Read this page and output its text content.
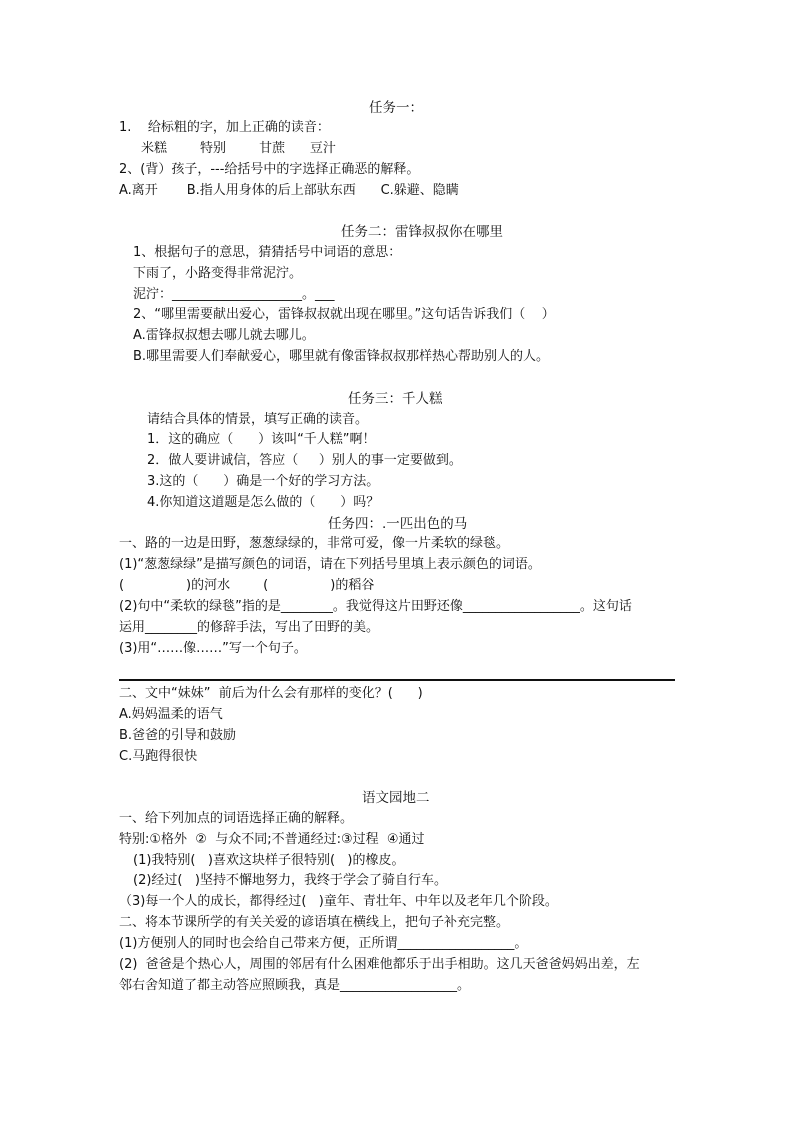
任务一：
1.    给标粗的字，加上正确的读音：
米糕        特别        甘蔗      豆汁
2、(背）孩子，---给括号中的字选择正确恶的解释。
A.离开       B.指人用身体的后上部驮东西      C.躲避、隐瞒
任务二：雷锋叔叔你在哪里
1、根据句子的意思，猜猜括号中词语的意思：
下雨了，小路变得非常泥泞。
泥泞：____________________。___
2、“哪里需要献出爱心，雷锋叔叔就出现在哪里。”这句话告诉我们（    ）
A.雷锋叔叔想去哪儿就去哪儿。
B.哪里需要人们奉献爱心，哪里就有像雷锋叔叔那样热心帮助别人的人。
任务三：千人糕
请结合具体的情景，填写正确的读音。
1．这的确应（      ）该叫“千人糕”啊！
2．做人要讲诚信，答应（     ）别人的事一定要做到。
3.这的（      ）确是一个好的学习方法。
4.你知道这道题是怎么做的（      ）吗？
任务四：.一匹出色的马
一、路的一边是田野，葱葱绿绿的，非常可爱，像一片柔软的绿毯。
(1)“葱葱绿绿”是描写颜色的词语，请在下列括号里填上表示颜色的词语。
(               )的河水        (               )的稻谷
(2)句中“柔软的绿毯”指的是________。我觉得这片田野还像__________________。这句话
运用________的修辞手法，写出了田野的美。
(3)用“……像……”写一个句子。
二、文中“妹妹”  前后为什么会有那样的变化？(      )
A.妈妈温柔的语气
B.爸爸的引导和鼓励
C.马跑得很快
语文园地二
一、给下列加点的词语选择正确的解释。
特别:①格外  ②  与众不同;不普通经过:③过程  ④通过
(1)我特别(   )喜欢这块样子很特别(   )的橡皮。
(2)经过(   )坚持不懈地努力，我终于学会了骑自行车。
（3)每一个人的成长，都得经过(   )童年、青壮年、中年以及老年几个阶段。
二、将本节课所学的有关关爱的谚语填在横线上，把句子补充完整。
(1)方便别人的同时也会给自己带来方便，正所谓__________________。
(2)  爸爸是个热心人，周围的邻居有什么困难他都乐于出手相助。这几天爸爸妈妈出差，左
邻右舍知道了都主动答应照顾我，真是__________________。
